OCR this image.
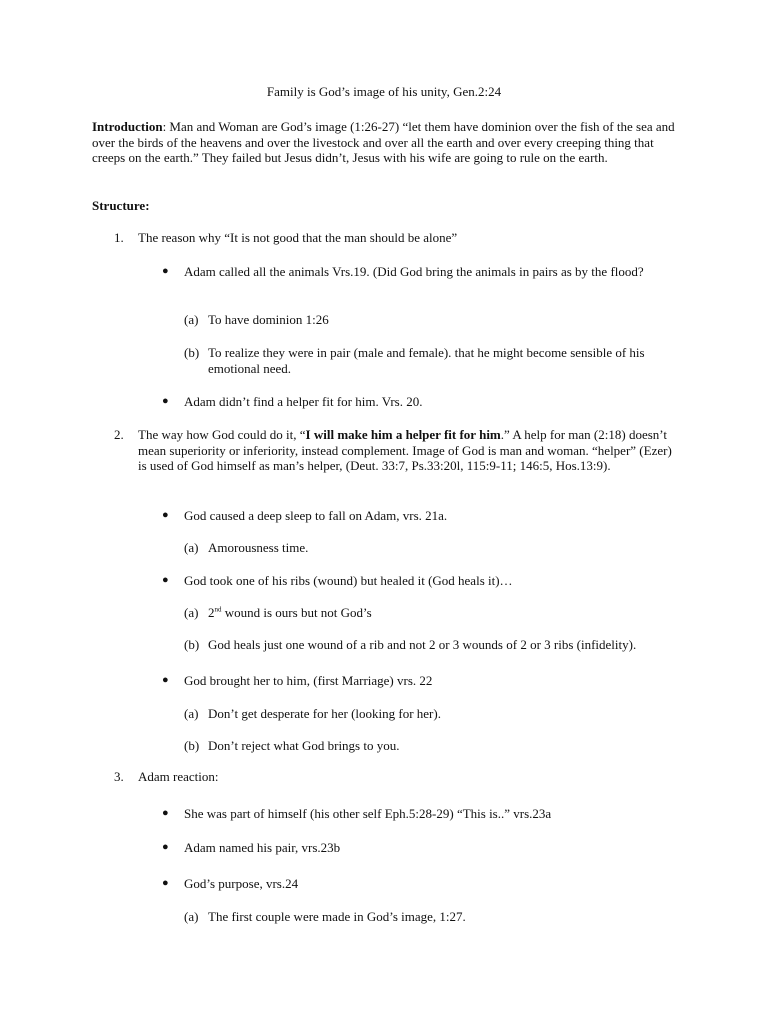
Family is God’s image of his unity, Gen.2:24
Introduction: Man and Woman are God’s image (1:26-27) “let them have dominion over the fish of the sea and over the birds of the heavens and over the livestock and over all the earth and over every creeping thing that creeps on the earth.” They failed but Jesus didn’t, Jesus with his wife are going to rule on the earth.
Structure:
1.	The reason why “It is not good that the man should be alone”
● Adam called all the animals Vrs.19. (Did God bring the animals in pairs as by the flood?
(a) To have dominion 1:26
(b) To realize they were in pair (male and female). that he might become sensible of his emotional need.
● Adam didn’t find a helper fit for him. Vrs. 20.
2.	The way how God could do it, “I will make him a helper fit for him.” A help for man (2:18) doesn’t mean superiority or inferiority, instead complement. Image of God is man and woman. “helper” (Ezer) is used of God himself as man’s helper, (Deut. 33:7, Ps.33:20l, 115:9-11; 146:5, Hos.13:9).
● God caused a deep sleep to fall on Adam, vrs. 21a.
(a) Amorousness time.
● God took one of his ribs (wound) but healed it (God heals it)…
(a) 2nd wound is ours but not God’s
(b) God heals just one wound of a rib and not 2 or 3 wounds of 2 or 3 ribs (infidelity).
● God brought her to him, (first Marriage) vrs. 22
(a) Don’t get desperate for her (looking for her).
(b) Don’t reject what God brings to you.
3.	Adam reaction:
● She was part of himself (his other self Eph.5:28-29) “This is..” vrs.23a
● Adam named his pair, vrs.23b
● God’s purpose, vrs.24
(a) The first couple were made in God’s image, 1:27.
